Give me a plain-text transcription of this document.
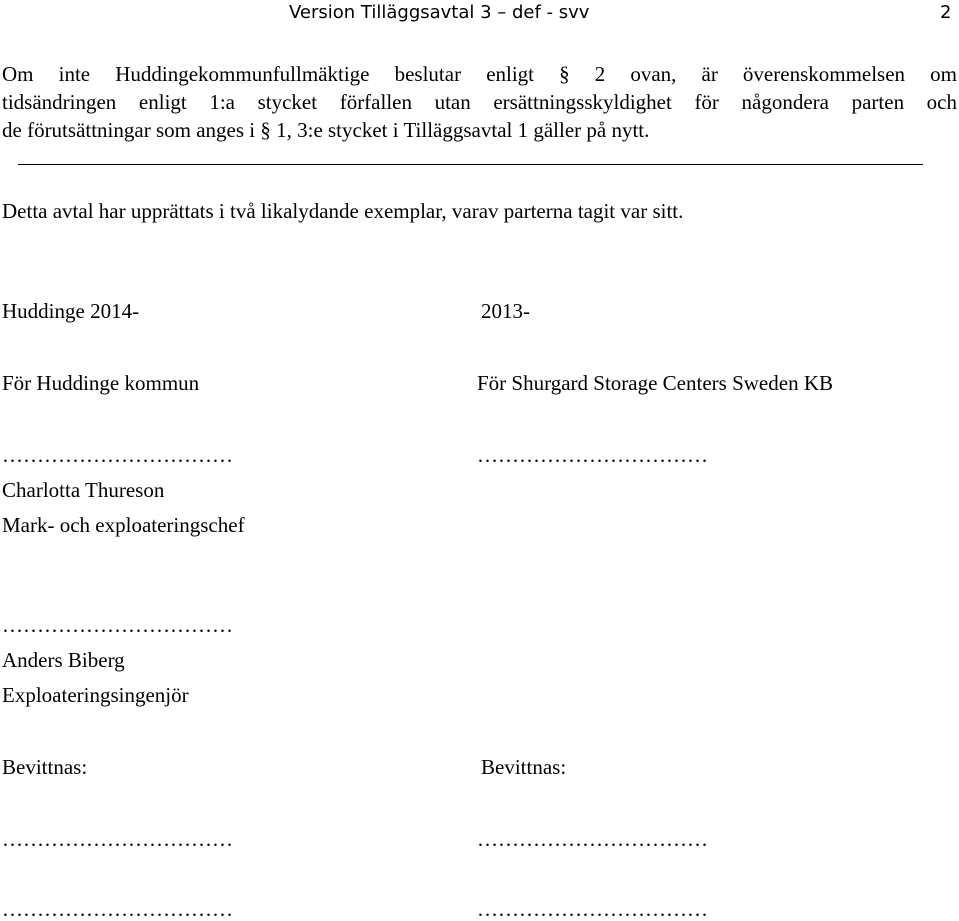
Version Tilläggsavtal 3 – def - svv	2
Om inte Huddingekommunfullmäktige beslutar enligt § 2 ovan, är överenskommelsen om
tidsändringen enligt 1:a stycket förfallen utan ersättningsskyldighet för någondera parten och
de förutsättningar som anges i § 1, 3:e stycket i Tilläggsavtal 1 gäller på nytt.
Detta avtal har upprättats i två likalydande exemplar, varav parterna tagit var sitt.
Huddinge 2014-
För Huddinge kommun
……………………………
Charlotta Thureson
Mark- och exploateringschef
……………………………
Anders Biberg
Exploateringsingenjör
Bevittnas:
……………………………
……………………………
2013-
För Shurgard Storage Centers Sweden KB
……………………………
Bevittnas:
……………………………
……………………………
